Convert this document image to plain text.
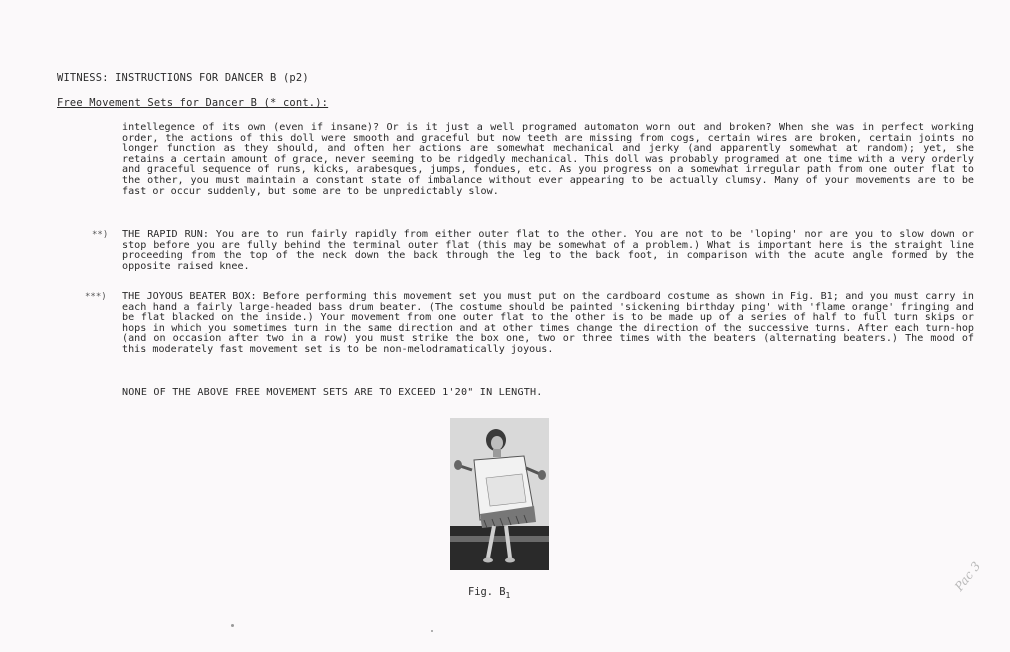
WITNESS: INSTRUCTIONS FOR DANCER B (p2)
Free Movement Sets for Dancer B (* cont.):
intellegence of its own (even if insane)? Or is it just a well programed automaton worn out and broken? When she was in perfect working order, the actions of this doll were smooth and graceful but now teeth are missing from cogs, certain wires are broken, certain joints no longer function as they should, and often her actions are somewhat mechanical and jerky (and apparently somewhat at random); yet, she retains a certain amount of grace, never seeming to be ridgedly mechanical. This doll was probably programed at one time with a very orderly and graceful sequence of runs, kicks, arabesques, jumps, fondues, etc. As you progress on a somewhat irregular path from one outer flat to the other, you must maintain a constant state of imbalance without ever appearing to be actually clumsy. Many of your movements are to be fast or occur suddenly, but some are to be unpredictably slow.
**) THE RAPID RUN: You are to run fairly rapidly from either outer flat to the other. You are not to be 'loping' nor are you to slow down or stop before you are fully behind the terminal outer flat (this may be somewhat of a problem.) What is important here is the straight line proceeding from the top of the neck down the back through the leg to the back foot, in comparison with the acute angle formed by the opposite raised knee.
***) THE JOYOUS BEATER BOX: Before performing this movement set you must put on the cardboard costume as shown in Fig. B1; and you must carry in each hand a fairly large-headed bass drum beater. (The costume should be painted 'sickening birthday ping' with 'flame orange' fringing and be flat blacked on the inside.) Your movement from one outer flat to the other is to be made up of a series of half to full turn skips or hops in which you sometimes turn in the same direction and at other times change the direction of the successive turns. After each turn-hop (and on occasion after two in a row) you must strike the box one, two or three times with the beaters (alternating beaters.) The mood of this moderately fast movement set is to be non-melodramatically joyous.
NONE OF THE ABOVE FREE MOVEMENT SETS ARE TO EXCEED 1'20" IN LENGTH.
Fig. $B_1$
Pac 3
